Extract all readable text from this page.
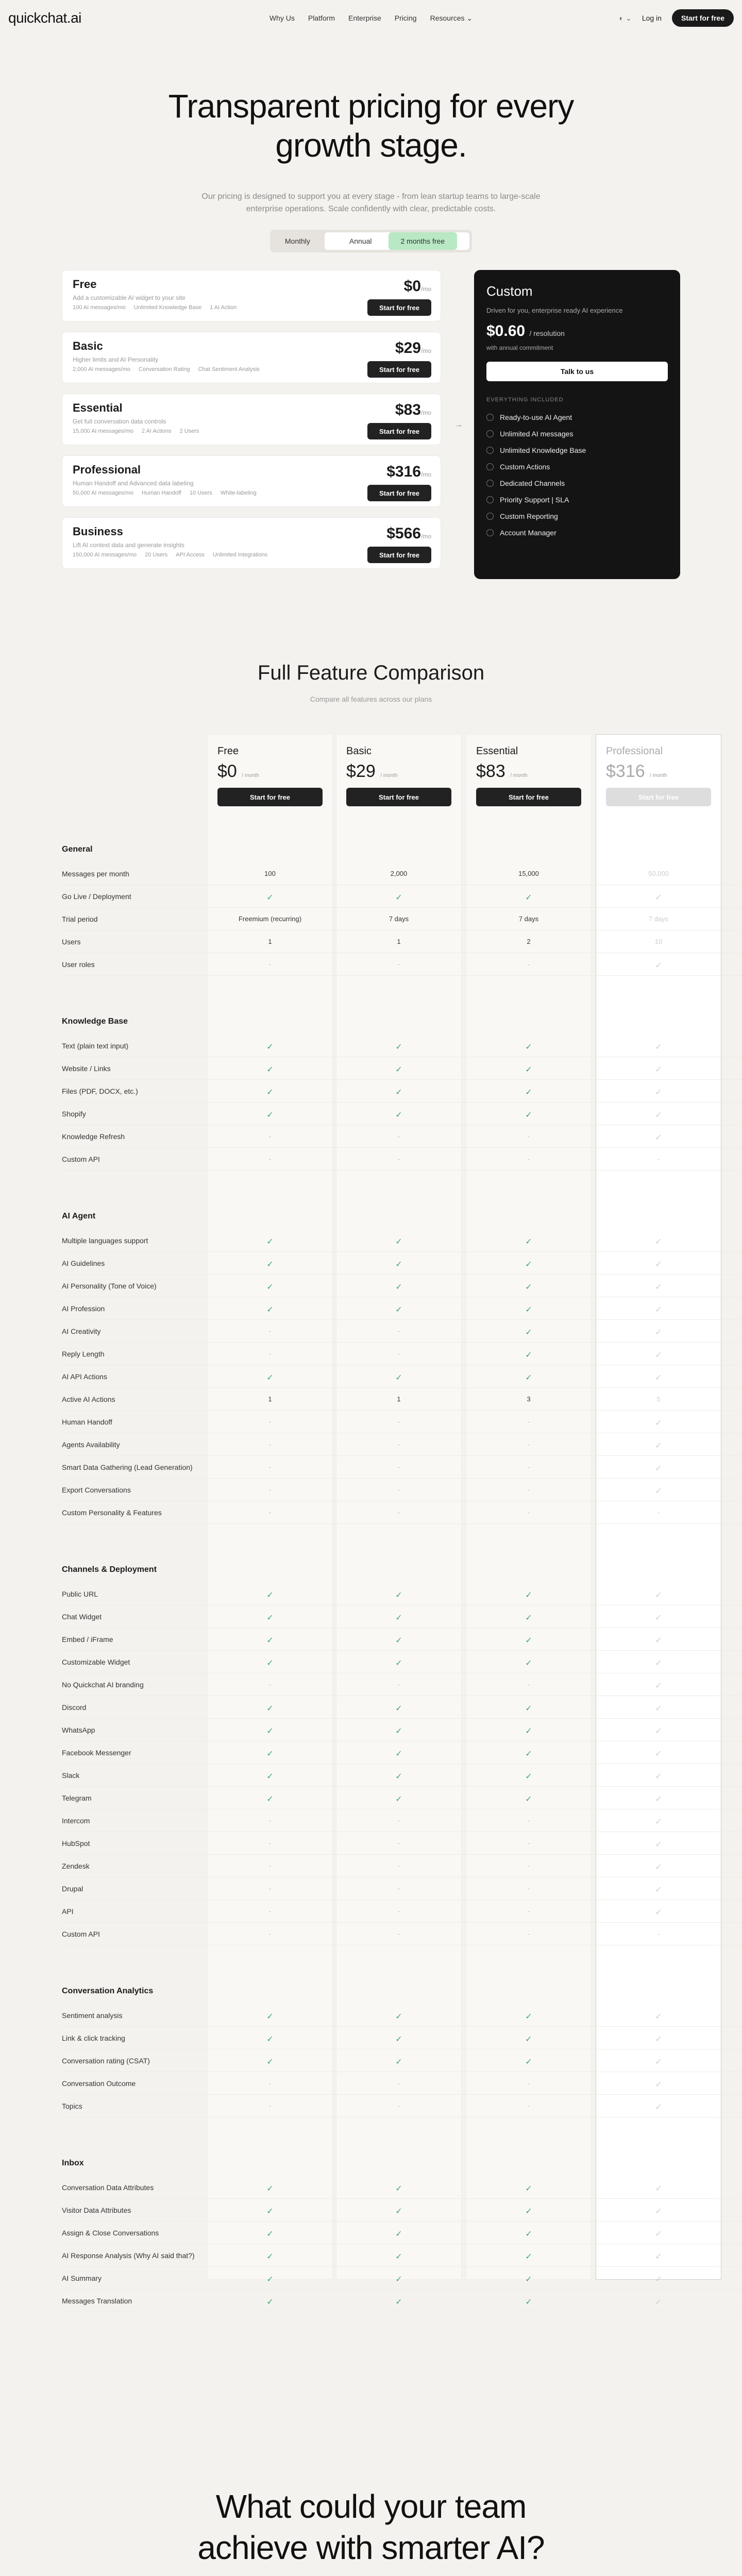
quickchat.ai	Why Us Platform Enterprise Pricing Resources ⌄	◐ ⌄ Log in	Start for free
Transparent pricing for every
growth stage.

Our pricing is designed to support you at every stage - from lean startup teams to large-scale
enterprise operations. Scale confidently with clear, predictable costs.

Monthly	Annual	2 months free
Free
Add a customizable AI widget to your site
100 AI messages/mo Unlimited Knowledge Base 1 AI Action
$0/mo
Start for free
Basic
Higher limits and AI Personality
2,000 AI messages/mo Conversation Rating Chat Sentiment Analysis
$29/mo
Start for free
Essential
Get full conversation data controls
15,000 AI messages/mo 2 AI Actions 2 Users
$83/mo
Start for free
Professional
Human Handoff and Advanced data labeling
50,000 AI messages/mo Human Handoff 10 Users White-labeling
$316/mo
Start for free
Business
Lift AI context data and generate insights
150,000 AI messages/mo 20 Users API Access Unlimited Integrations
$566/mo
Start for free
→
Custom
Driven for you, enterprise ready AI experience
$0.60 / resolution
with annual commitment
Talk to us
EVERYTHING INCLUDED
Ready-to-use AI Agent
Unlimited AI messages
Unlimited Knowledge Base
Custom Actions
Dedicated Channels
Priority Support | SLA
Custom Reporting
Account Manager
Full Feature Comparison
Compare all features across our plans
Free
$0 / month
Start for free
Basic
$29 / month
Start for free
Essential
$83 / month
Start for free
Professional
$316 / month
Start for free
General
Messages per month	100	2,000	15,000	50,000
Go Live / Deployment	✓	✓	✓	✓
Trial period	Freemium (recurring)	7 days	7 days	7 days
Users	1	1	2	10
User roles	-	-	-	✓
Knowledge Base
Text (plain text input)	✓	✓	✓	✓
Website / Links	✓	✓	✓	✓
Files (PDF, DOCX, etc.)	✓	✓	✓	✓
Shopify	✓	✓	✓	✓
Knowledge Refresh	-	-	-	✓
Custom API	-	-	-	-
AI Agent
Multiple languages support	✓	✓	✓	✓
AI Guidelines	✓	✓	✓	✓
AI Personality (Tone of Voice)	✓	✓	✓	✓
AI Profession	✓	✓	✓	✓
AI Creativity	-	-	✓	✓
Reply Length	-	-	✓	✓
AI API Actions	✓	✓	✓	✓
Active AI Actions	1	1	3	5
Human Handoff	-	-	-	✓
Agents Availability	-	-	-	✓
Smart Data Gathering (Lead Generation)	-	-	-	✓
Export Conversations	-	-	-	✓
Custom Personality & Features	-	-	-	-
Channels & Deployment
Public URL	✓	✓	✓	✓
Chat Widget	✓	✓	✓	✓
Embed / iFrame	✓	✓	✓	✓
Customizable Widget	✓	✓	✓	✓
No Quickchat AI branding	-	-	-	✓
Discord	✓	✓	✓	✓
WhatsApp	✓	✓	✓	✓
Facebook Messenger	✓	✓	✓	✓
Slack	✓	✓	✓	✓
Telegram	✓	✓	✓	✓
Intercom	-	-	-	✓
HubSpot	-	-	-	✓
Zendesk	-	-	-	✓
Drupal	-	-	-	✓
API	-	-	-	✓
Custom API	-	-	-	-
Conversation Analytics
Sentiment analysis	✓	✓	✓	✓
Link & click tracking	✓	✓	✓	✓
Conversation rating (CSAT)	✓	✓	✓	✓
Conversation Outcome	-	-	-	✓
Topics	-	-	-	✓
Inbox
Conversation Data Attributes	✓	✓	✓	✓
Visitor Data Attributes	✓	✓	✓	✓
Assign & Close Conversations	✓	✓	✓	✓
AI Response Analysis (Why AI said that?)	✓	✓	✓	✓
AI Summary	✓	✓	✓	✓
Messages Translation	✓	✓	✓	✓
What could your team
achieve with smarter AI?
